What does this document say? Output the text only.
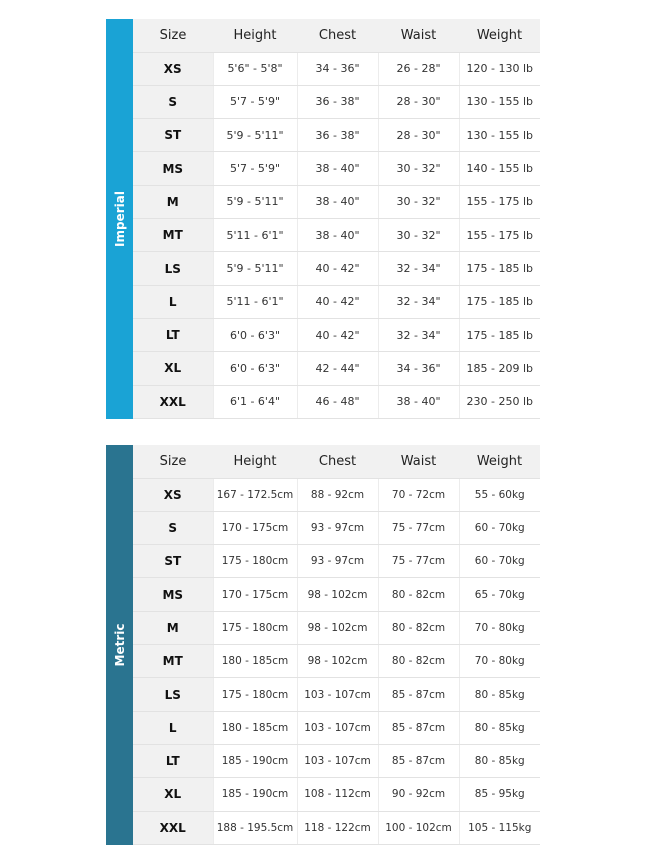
Imperial
Size	Height	Chest	Waist	Weight
XS	5'6" - 5'8"	34 - 36"	26 - 28"	120 - 130 lb
S	5'7 - 5'9"	36 - 38"	28 - 30"	130 - 155 lb
ST	5'9 - 5'11"	36 - 38"	28 - 30"	130 - 155 lb
MS	5'7 - 5'9"	38 - 40"	30 - 32"	140 - 155 lb
M	5'9 - 5'11"	38 - 40"	30 - 32"	155 - 175 lb
MT	5'11 - 6'1"	38 - 40"	30 - 32"	155 - 175 lb
LS	5'9 - 5'11"	40 - 42"	32 - 34"	175 - 185 lb
L	5'11 - 6'1"	40 - 42"	32 - 34"	175 - 185 lb
LT	6'0 - 6'3"	40 - 42"	32 - 34"	175 - 185 lb
XL	6'0 - 6'3"	42 - 44"	34 - 36"	185 - 209 lb
XXL	6'1 - 6'4"	46 - 48"	38 - 40"	230 - 250 lb
Metric
Size	Height	Chest	Waist	Weight
XS	167 - 172.5cm	88 - 92cm	70 - 72cm	55 - 60kg
S	170 - 175cm	93 - 97cm	75 - 77cm	60 - 70kg
ST	175 - 180cm	93 - 97cm	75 - 77cm	60 - 70kg
MS	170 - 175cm	98 - 102cm	80 - 82cm	65 - 70kg
M	175 - 180cm	98 - 102cm	80 - 82cm	70 - 80kg
MT	180 - 185cm	98 - 102cm	80 - 82cm	70 - 80kg
LS	175 - 180cm	103 - 107cm	85 - 87cm	80 - 85kg
L	180 - 185cm	103 - 107cm	85 - 87cm	80 - 85kg
LT	185 - 190cm	103 - 107cm	85 - 87cm	80 - 85kg
XL	185 - 190cm	108 - 112cm	90 - 92cm	85 - 95kg
XXL	188 - 195.5cm	118 - 122cm	100 - 102cm	105 - 115kg
